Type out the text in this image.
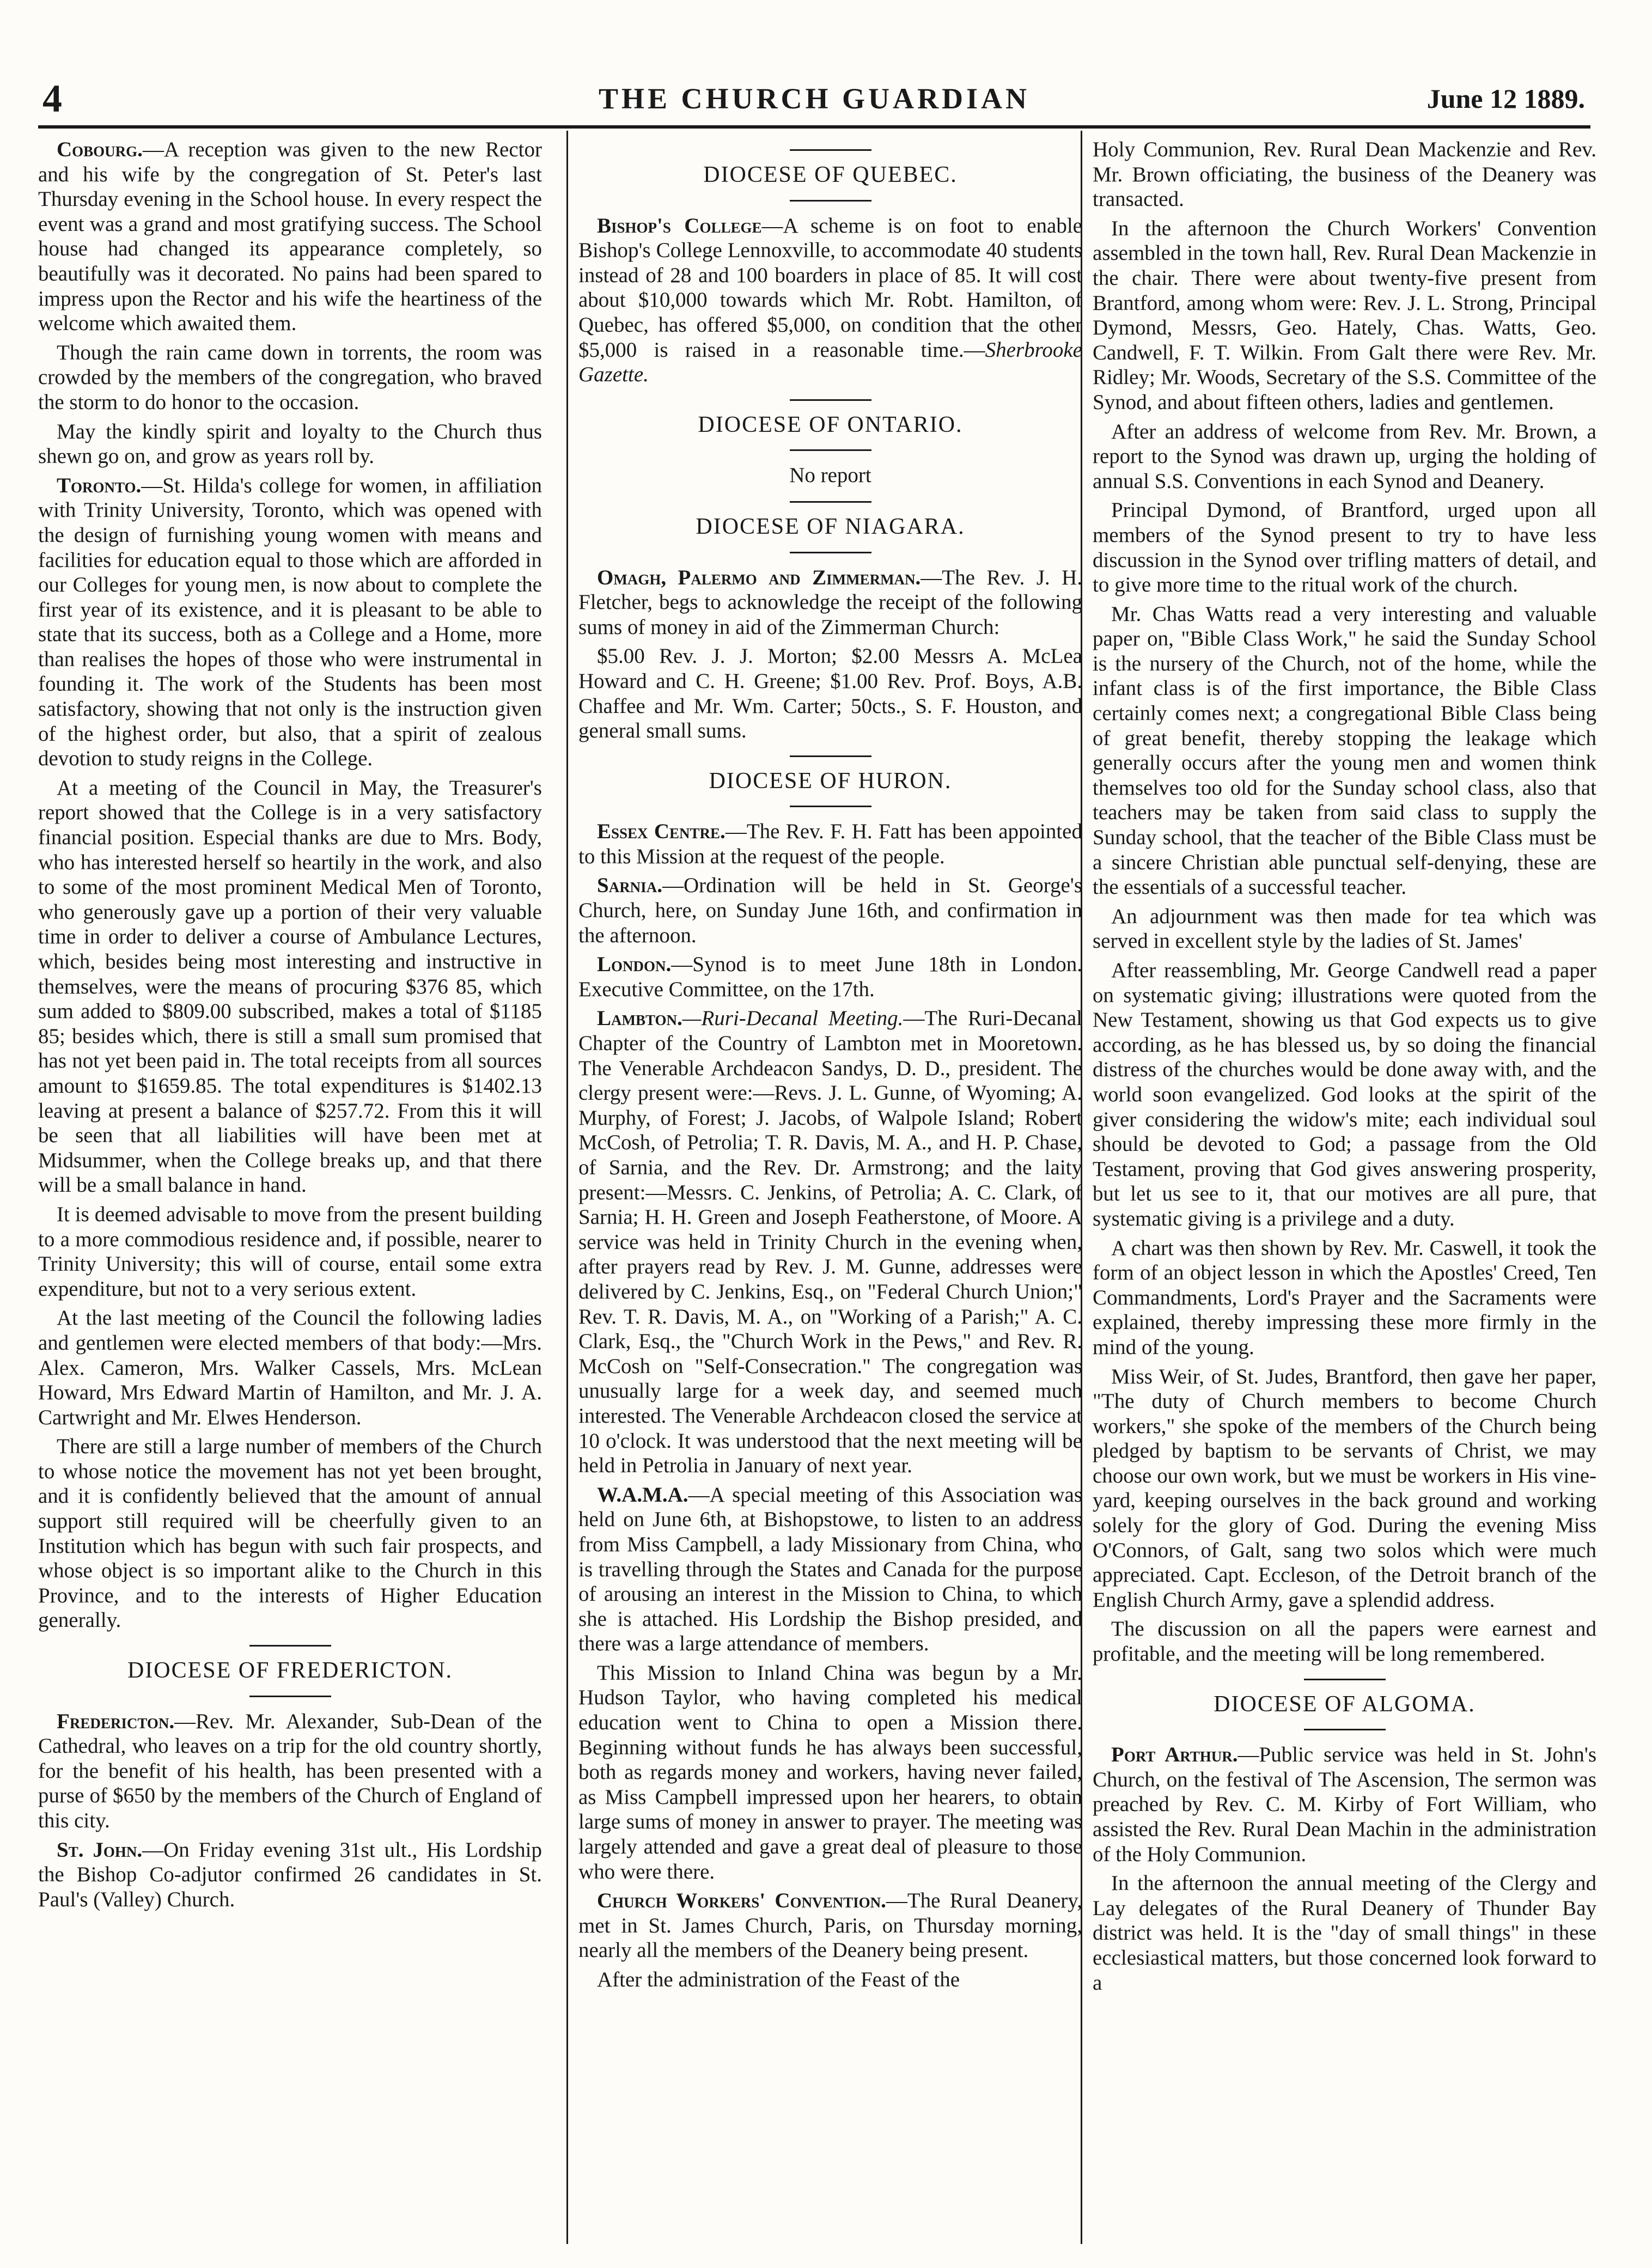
4	THE CHURCH GUARDIAN	June 12 1889.

Cobourg.—A reception was given to the new Rector and his wife by the congregation of St. Peter's last Thursday evening in the School house. In every respect the event was a grand and most gratifying success. The School house had changed its appearance completely, so beautifully was it decorated. No pains had been spared to impress upon the Rector and his wife the heartiness of the welcome which awaited them.

Though the rain came down in torrents, the room was crowded by the members of the congregation, who braved the storm to do honor to the occasion.

May the kindly spirit and loyalty to the Church thus shewn go on, and grow as years roll by.

Toronto.—St. Hilda's college for women, in affiliation with Trinity University, Toronto, which was opened with the design of furnishing young women with means and facilities for education equal to those which are afforded in our Colleges for young men, is now about to complete the first year of its existence, and it is pleasant to be able to state that its success, both as a College and a Home, more than realises the hopes of those who were instrumental in founding it. The work of the Students has been most satisfactory, showing that not only is the instruction given of the highest order, but also, that a spirit of zealous devotion to study reigns in the College.

At a meeting of the Council in May, the Treasurer's report showed that the College is in a very satisfactory financial position. Especial thanks are due to Mrs. Body, who has interested herself so heartily in the work, and also to some of the most prominent Medical Men of Toronto, who generously gave up a portion of their very valuable time in order to deliver a course of Ambulance Lectures, which, besides being most interesting and instructive in themselves, were the means of procuring $376 85, which sum added to $809.00 subscribed, makes a total of $1185 85; besides which, there is still a small sum promised that has not yet been paid in. The total receipts from all sources amount to $1659.85. The total expenditures is $1402.13 leaving at present a balance of $257.72. From this it will be seen that all liabilities will have been met at Midsummer, when the College breaks up, and that there will be a small balance in hand.

It is deemed advisable to move from the present building to a more commodious residence and, if possible, nearer to Trinity University; this will of course, entail some extra expenditure, but not to a very serious extent.

At the last meeting of the Council the following ladies and gentlemen were elected members of that body:—Mrs. Alex. Cameron, Mrs. Walker Cassels, Mrs. McLean Howard, Mrs Edward Martin of Hamilton, and Mr. J. A. Cartwright and Mr. Elwes Henderson.

There are still a large number of members of the Church to whose notice the movement has not yet been brought, and it is confidently believed that the amount of annual support still required will be cheerfully given to an Institution which has begun with such fair prospects, and whose object is so important alike to the Church in this Province, and to the interests of Higher Education generally.

DIOCESE OF FREDERICTON.

Fredericton.—Rev. Mr. Alexander, Sub-Dean of the Cathedral, who leaves on a trip for the old country shortly, for the benefit of his health, has been presented with a purse of $650 by the members of the Church of England of this city.

St. John.—On Friday evening 31st ult., His Lordship the Bishop Co-adjutor confirmed 26 candidates in St. Paul's (Valley) Church.

DIOCESE OF QUEBEC.

Bishop's College—A scheme is on foot to enable Bishop's College Lennoxville, to accommodate 40 students instead of 28 and 100 boarders in place of 85. It will cost about $10,000 towards which Mr. Robt. Hamilton, of Quebec, has offered $5,000, on condition that the other $5,000 is raised in a reasonable time.—Sherbrooke Gazette.

DIOCESE OF ONTARIO.
No report
DIOCESE OF NIAGARA.

Omagh, Palermo and Zimmerman.—The Rev. J. H. Fletcher, begs to acknowledge the receipt of the following sums of money in aid of the Zimmerman Church:

$5.00 Rev. J. J. Morton; $2.00 Messrs A. McLea Howard and C. H. Greene; $1.00 Rev. Prof. Boys, A.B. Chaffee and Mr. Wm. Carter; 50cts., S. F. Houston, and general small sums.

DIOCESE OF HURON.

Essex Centre.—The Rev. F. H. Fatt has been appointed to this Mission at the request of the people.

Sarnia.—Ordination will be held in St. George's Church, here, on Sunday June 16th, and confirmation in the afternoon.

London.—Synod is to meet June 18th in London. Executive Committee, on the 17th.

Lambton.—Ruri-Decanal Meeting.—The Ruri-Decanal Chapter of the Country of Lambton met in Mooretown. The Venerable Archdeacon Sandys, D. D., president. The clergy present were:—Revs. J. L. Gunne, of Wyoming; A. Murphy, of Forest; J. Jacobs, of Walpole Island; Robert McCosh, of Petrolia; T. R. Davis, M. A., and H. P. Chase, of Sarnia, and the Rev. Dr. Armstrong; and the laity present:—Messrs. C. Jenkins, of Petrolia; A. C. Clark, of Sarnia; H. H. Green and Joseph Featherstone, of Moore. A service was held in Trinity Church in the evening when, after prayers read by Rev. J. M. Gunne, addresses were delivered by C. Jenkins, Esq., on "Federal Church Union;" Rev. T. R. Davis, M. A., on "Working of a Parish;" A. C. Clark, Esq., the "Church Work in the Pews," and Rev. R. McCosh on "Self-Consecration." The congregation was unusually large for a week day, and seemed much interested. The Venerable Archdeacon closed the service at 10 o'clock. It was understood that the next meeting will be held in Petrolia in January of next year.

W.A.M.A.—A special meeting of this Association was held on June 6th, at Bishopstowe, to listen to an address from Miss Campbell, a lady Missionary from China, who is travelling through the States and Canada for the purpose of arousing an interest in the Mission to China, to which she is attached. His Lordship the Bishop presided, and there was a large attendance of members.

This Mission to Inland China was begun by a Mr. Hudson Taylor, who having completed his medical education went to China to open a Mission there. Beginning without funds he has always been successful, both as regards money and workers, having never failed, as Miss Campbell impressed upon her hearers, to obtain large sums of money in answer to prayer. The meeting was largely attended and gave a great deal of pleasure to those who were there.

Church Workers' Convention.—The Rural Deanery, met in St. James Church, Paris, on Thursday morning, nearly all the members of the Deanery being present.

After the administration of the Feast of the

Holy Communion, Rev. Rural Dean Mackenzie and Rev. Mr. Brown officiating, the business of the Deanery was transacted.

In the afternoon the Church Workers' Convention assembled in the town hall, Rev. Rural Dean Mackenzie in the chair. There were about twenty-five present from Brantford, among whom were: Rev. J. L. Strong, Principal Dymond, Messrs, Geo. Hately, Chas. Watts, Geo. Candwell, F. T. Wilkin. From Galt there were Rev. Mr. Ridley; Mr. Woods, Secretary of the S.S. Committee of the Synod, and about fifteen others, ladies and gentlemen.

After an address of welcome from Rev. Mr. Brown, a report to the Synod was drawn up, urging the holding of annual S.S. Conventions in each Synod and Deanery.

Principal Dymond, of Brantford, urged upon all members of the Synod present to try to have less discussion in the Synod over trifling matters of detail, and to give more time to the ritual work of the church.

Mr. Chas Watts read a very interesting and valuable paper on, "Bible Class Work," he said the Sunday School is the nursery of the Church, not of the home, while the infant class is of the first importance, the Bible Class certainly comes next; a congregational Bible Class being of great benefit, thereby stopping the leakage which generally occurs after the young men and women think themselves too old for the Sunday school class, also that teachers may be taken from said class to supply the Sunday school, that the teacher of the Bible Class must be a sincere Christian able punctual self-denying, these are the essentials of a successful teacher.

An adjournment was then made for tea which was served in excellent style by the ladies of St. James'

After reassembling, Mr. George Candwell read a paper on systematic giving; illustrations were quoted from the New Testament, showing us that God expects us to give according, as he has blessed us, by so doing the financial distress of the churches would be done away with, and the world soon evangelized. God looks at the spirit of the giver considering the widow's mite; each individual soul should be devoted to God; a passage from the Old Testament, proving that God gives answering prosperity, but let us see to it, that our motives are all pure, that systematic giving is a privilege and a duty.

A chart was then shown by Rev. Mr. Caswell, it took the form of an object lesson in which the Apostles' Creed, Ten Commandments, Lord's Prayer and the Sacraments were explained, thereby impressing these more firmly in the mind of the young.

Miss Weir, of St. Judes, Brantford, then gave her paper, "The duty of Church members to become Church workers," she spoke of the members of the Church being pledged by baptism to be servants of Christ, we may choose our own work, but we must be workers in His vine-yard, keeping ourselves in the back ground and working solely for the glory of God. During the evening Miss O'Connors, of Galt, sang two solos which were much appreciated. Capt. Eccleson, of the Detroit branch of the English Church Army, gave a splendid address.

The discussion on all the papers were earnest and profitable, and the meeting will be long remembered.

DIOCESE OF ALGOMA.

Port Arthur.—Public service was held in St. John's Church, on the festival of The Ascension, The sermon was preached by Rev. C. M. Kirby of Fort William, who assisted the Rev. Rural Dean Machin in the administration of the Holy Communion.

In the afternoon the annual meeting of the Clergy and Lay delegates of the Rural Deanery of Thunder Bay district was held. It is the "day of small things" in these ecclesiastical matters, but those concerned look forward to a
